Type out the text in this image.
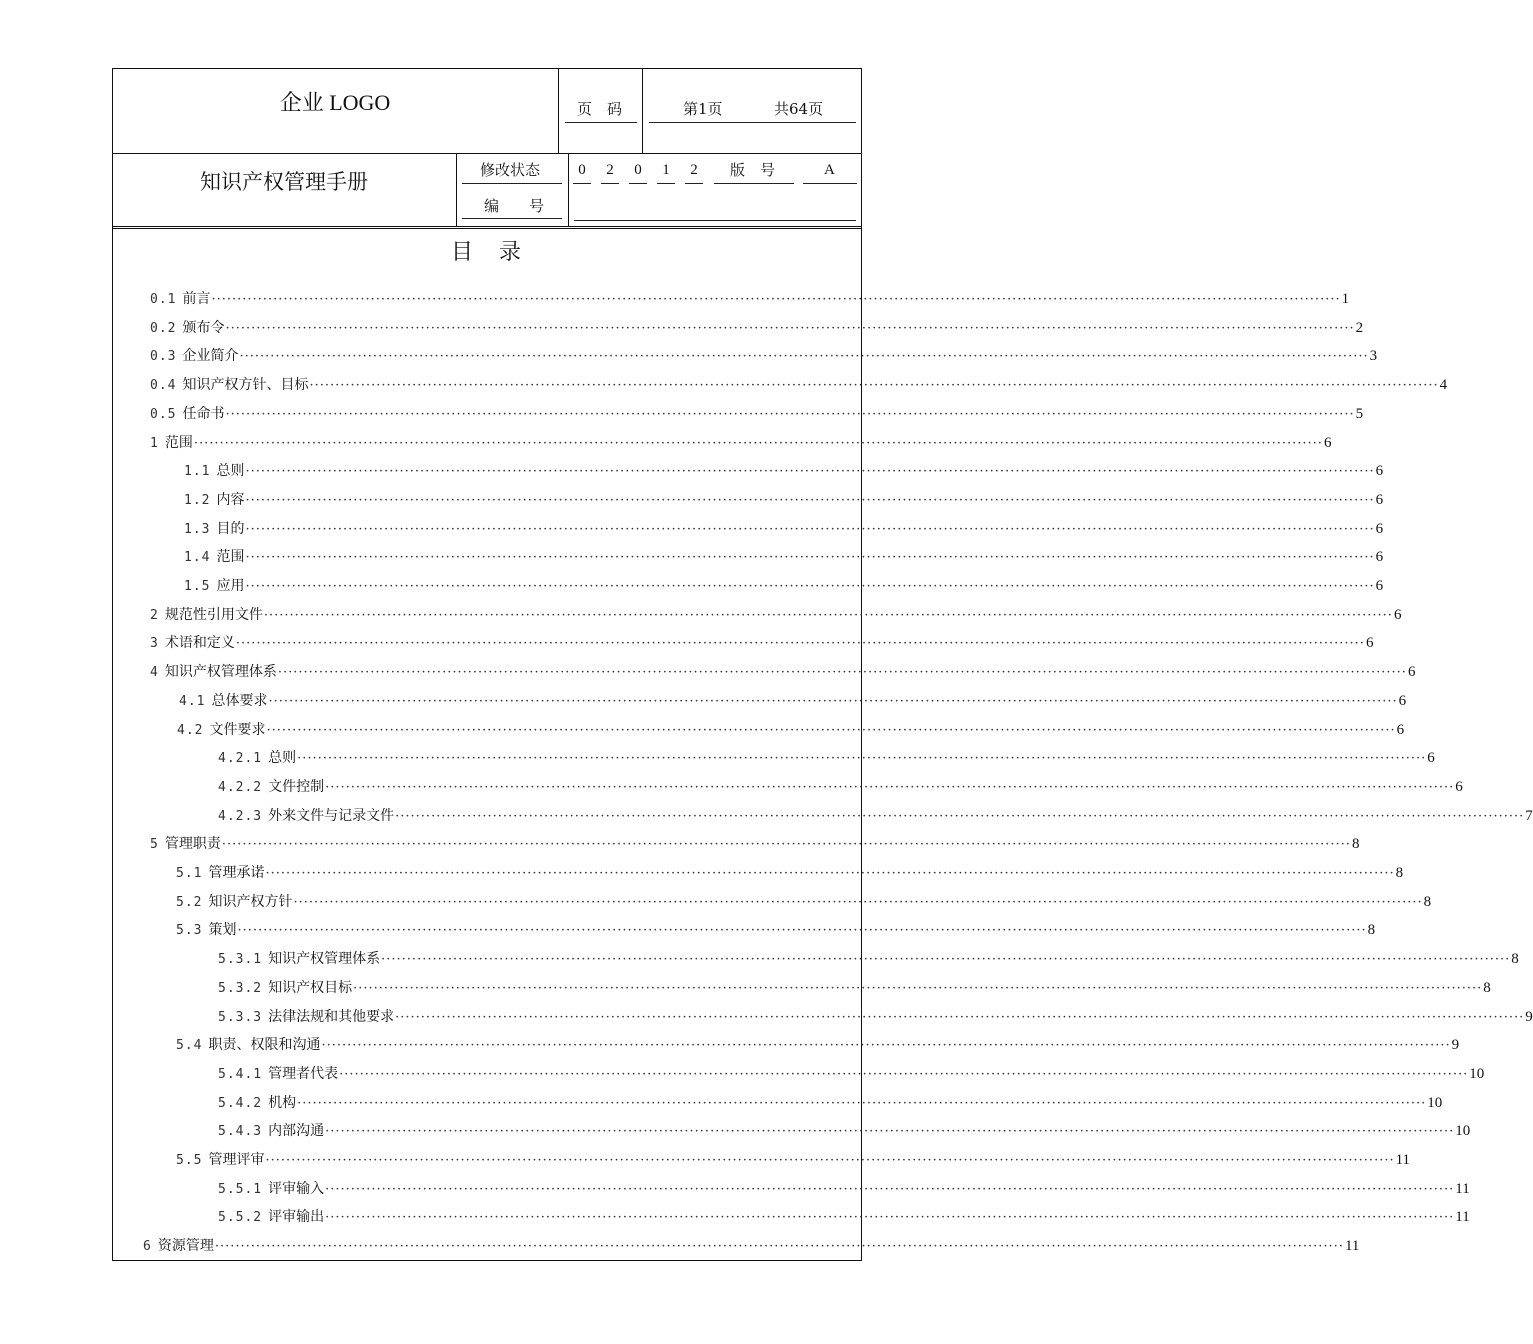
企业 LOGO	页　码	第1页	共64页
知识产权管理手册	修改状态	0	2	0	1	2	版　号	A
编　　号
目录
0.1 前言 ···························································································································································································································· 1
0.2 颁布令 ···························································································································································································································· 2
0.3 企业简介 ···························································································································································································································· 3
0.4 知识产权方针、目标 ···························································································································································································································· 4
0.5 任命书 ···························································································································································································································· 5
1 范围 ···························································································································································································································· 6
1.1 总则 ···························································································································································································································· 6
1.2 内容 ···························································································································································································································· 6
1.3 目的 ···························································································································································································································· 6
1.4 范围 ···························································································································································································································· 6
1.5 应用 ···························································································································································································································· 6
2 规范性引用文件 ···························································································································································································································· 6
3 术语和定义 ···························································································································································································································· 6
4 知识产权管理体系 ···························································································································································································································· 6
4.1 总体要求 ···························································································································································································································· 6
4.2 文件要求 ···························································································································································································································· 6
4.2.1 总则 ···························································································································································································································· 6
4.2.2 文件控制 ···························································································································································································································· 6
4.2.3 外来文件与记录文件 ···························································································································································································································· 7
5 管理职责 ···························································································································································································································· 8
5.1 管理承诺 ···························································································································································································································· 8
5.2 知识产权方针 ···························································································································································································································· 8
5.3 策划 ···························································································································································································································· 8
5.3.1 知识产权管理体系 ···························································································································································································································· 8
5.3.2 知识产权目标 ···························································································································································································································· 8
5.3.3 法律法规和其他要求 ···························································································································································································································· 9
5.4 职责、权限和沟通 ···························································································································································································································· 9
5.4.1 管理者代表 ···························································································································································································································· 10
5.4.2 机构 ···························································································································································································································· 10
5.4.3 内部沟通 ···························································································································································································································· 10
5.5 管理评审 ···························································································································································································································· 11
5.5.1 评审输入 ···························································································································································································································· 11
5.5.2 评审输出 ···························································································································································································································· 11
6 资源管理 ···························································································································································································································· 11
